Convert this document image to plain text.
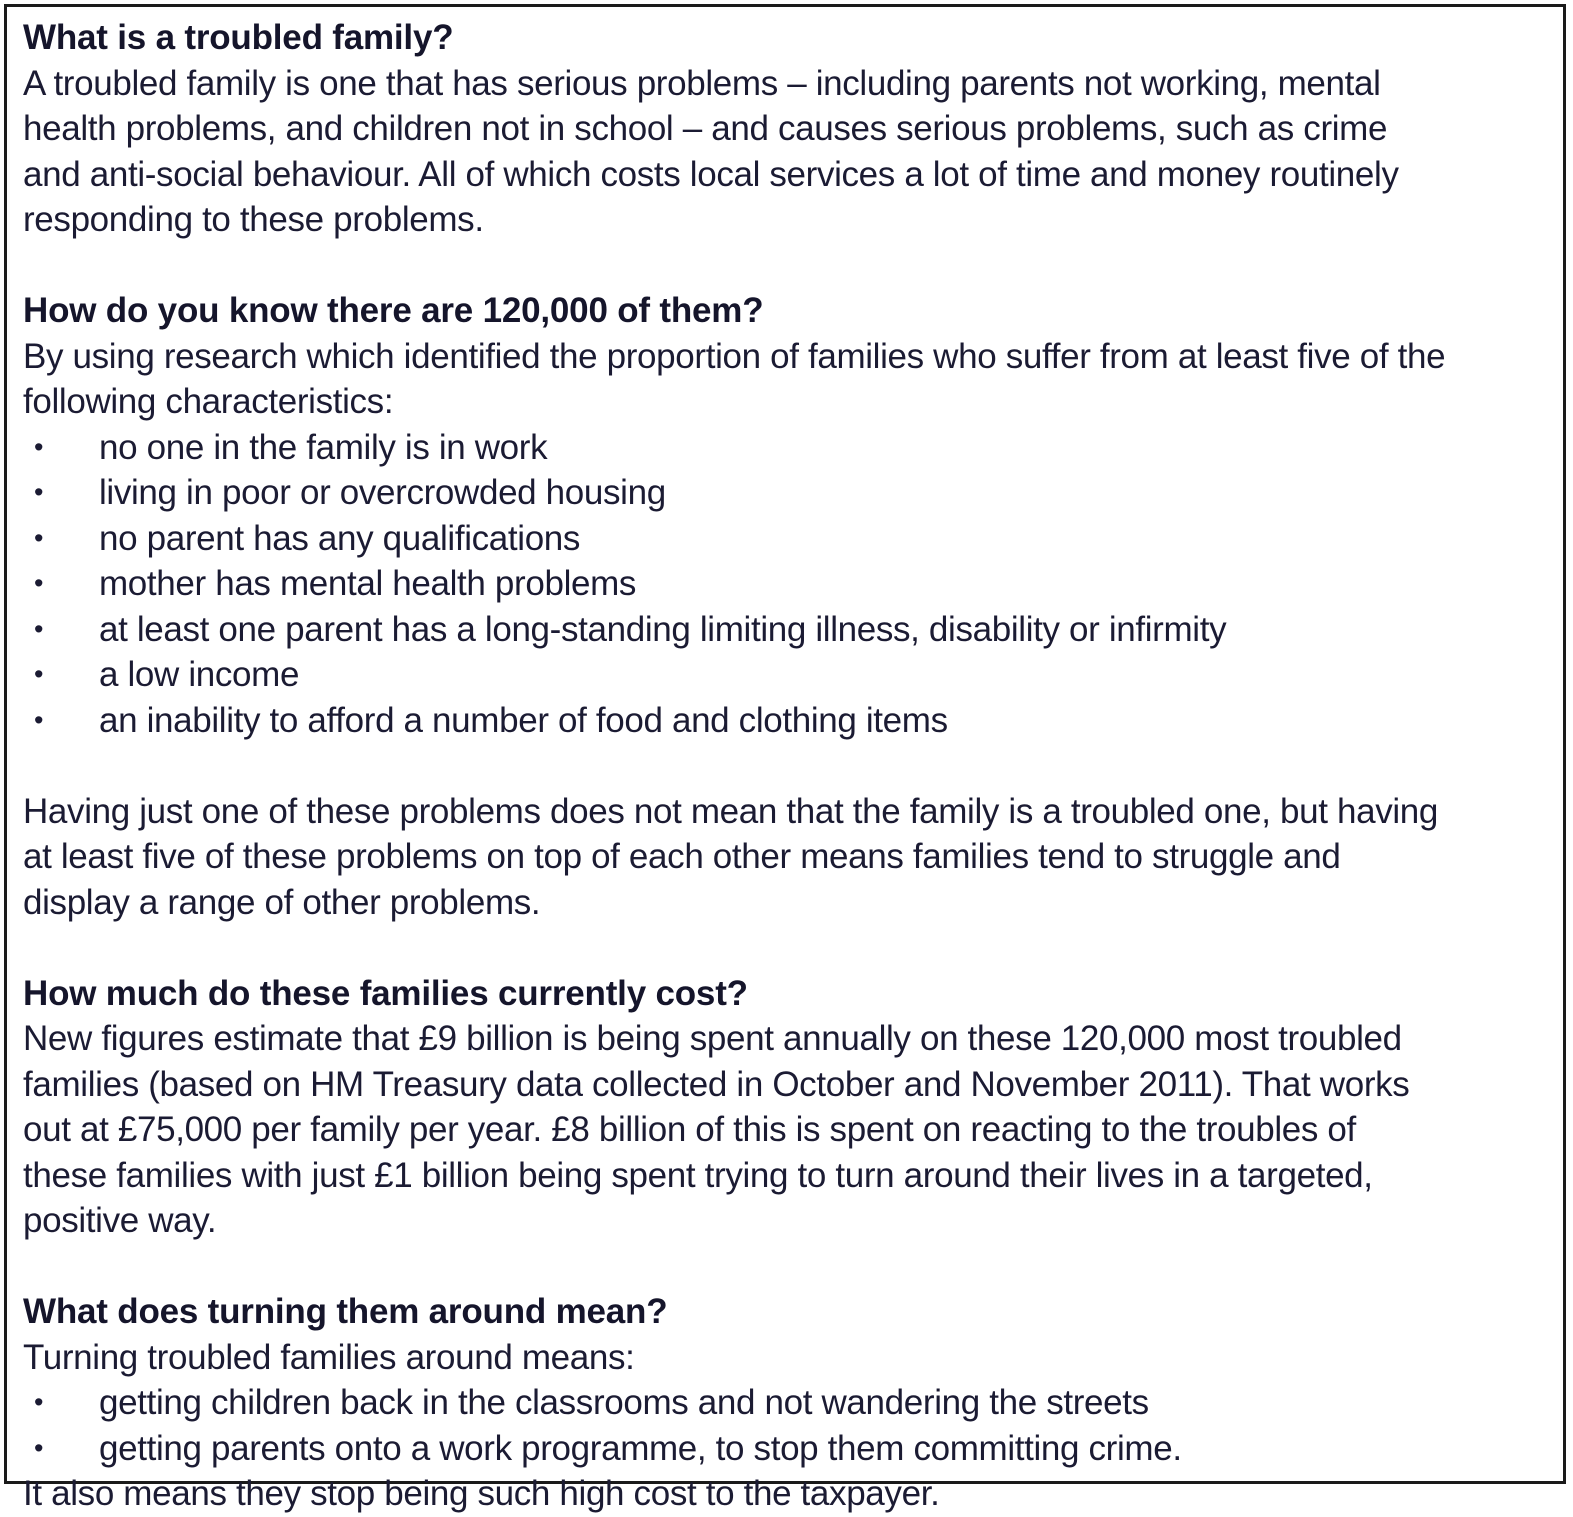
What is a troubled family?
A troubled family is one that has serious problems – including parents not working, mental
health problems, and children not in school – and causes serious problems, such as crime
and anti-social behaviour. All of which costs local services a lot of time and money routinely
responding to these problems.
How do you know there are 120,000 of them?
By using research which identified the proportion of families who suffer from at least five of the
following characteristics:
• no one in the family is in work
• living in poor or overcrowded housing
• no parent has any qualifications
• mother has mental health problems
• at least one parent has a long-standing limiting illness, disability or infirmity
• a low income
• an inability to afford a number of food and clothing items
Having just one of these problems does not mean that the family is a troubled one, but having
at least five of these problems on top of each other means families tend to struggle and
display a range of other problems.
How much do these families currently cost?
New figures estimate that £9 billion is being spent annually on these 120,000 most troubled
families (based on HM Treasury data collected in October and November 2011). That works
out at £75,000 per family per year. £8 billion of this is spent on reacting to the troubles of
these families with just £1 billion being spent trying to turn around their lives in a targeted,
positive way.
What does turning them around mean?
Turning troubled families around means:
• getting children back in the classrooms and not wandering the streets
• getting parents onto a work programme, to stop them committing crime.
It also means they stop being such high cost to the taxpayer.
